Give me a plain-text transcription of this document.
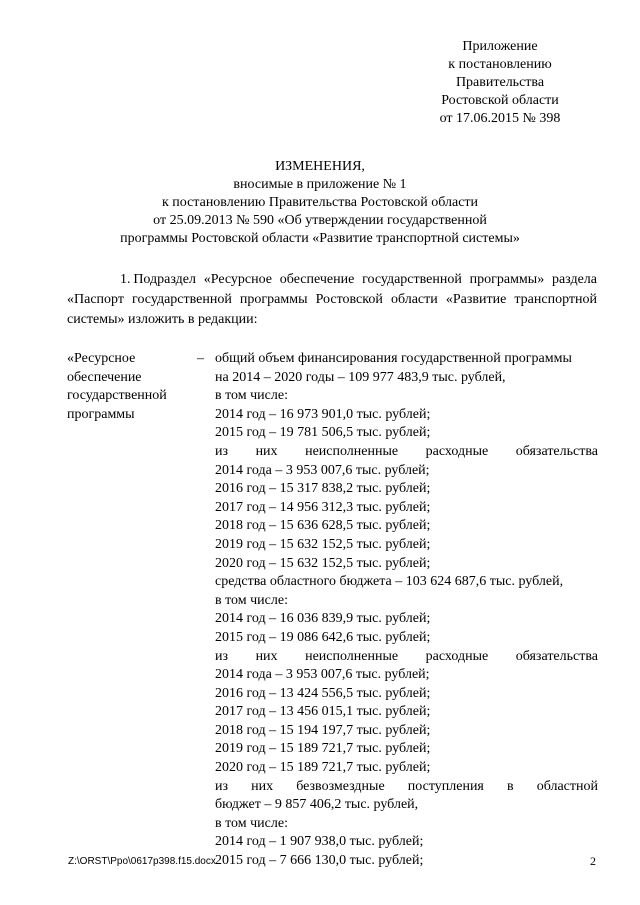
Приложение
к постановлению
Правительства
Ростовской области
от 17.06.2015 № 398
ИЗМЕНЕНИЯ,
вносимые в приложение № 1
к постановлению Правительства Ростовской области
от 25.09.2013 № 590 «Об утверждении государственной
программы Ростовской области «Развитие транспортной системы»
1.  Подраздел «Ресурсное обеспечение государственной программы» раздела «Паспорт государственной программы Ростовской области «Развитие транспортной системы» изложить в редакции:
«Ресурсное
обеспечение
государственной
программы
– общий объем финансирования государственной программы
на 2014 – 2020 годы – 109 977 483,9 тыс. рублей,
в том числе:
2014 год – 16 973 901,0 тыс. рублей;
2015 год – 19 781 506,5 тыс. рублей;
из них неисполненные расходные обязательства
2014 года – 3 953 007,6 тыс. рублей;
2016 год – 15 317 838,2 тыс. рублей;
2017 год – 14 956 312,3 тыс. рублей;
2018 год – 15 636 628,5 тыс. рублей;
2019 год – 15 632 152,5 тыс. рублей;
2020 год – 15 632 152,5 тыс. рублей;
средства областного бюджета – 103 624 687,6 тыс. рублей,
в том числе:
2014 год – 16 036 839,9 тыс. рублей;
2015 год – 19 086 642,6 тыс. рублей;
из них неисполненные расходные обязательства
2014 года – 3 953 007,6 тыс. рублей;
2016 год – 13 424 556,5 тыс. рублей;
2017 год – 13 456 015,1 тыс. рублей;
2018 год – 15 194 197,7 тыс. рублей;
2019 год – 15 189 721,7 тыс. рублей;
2020 год – 15 189 721,7 тыс. рублей;
из них безвозмездные поступления в областной
бюджет – 9 857 406,2 тыс. рублей,
в том числе:
2014 год – 1 907 938,0 тыс. рублей;
2015 год – 7 666 130,0 тыс. рублей;
Z:\ORST\Ppo\0617p398.f15.docx	2
